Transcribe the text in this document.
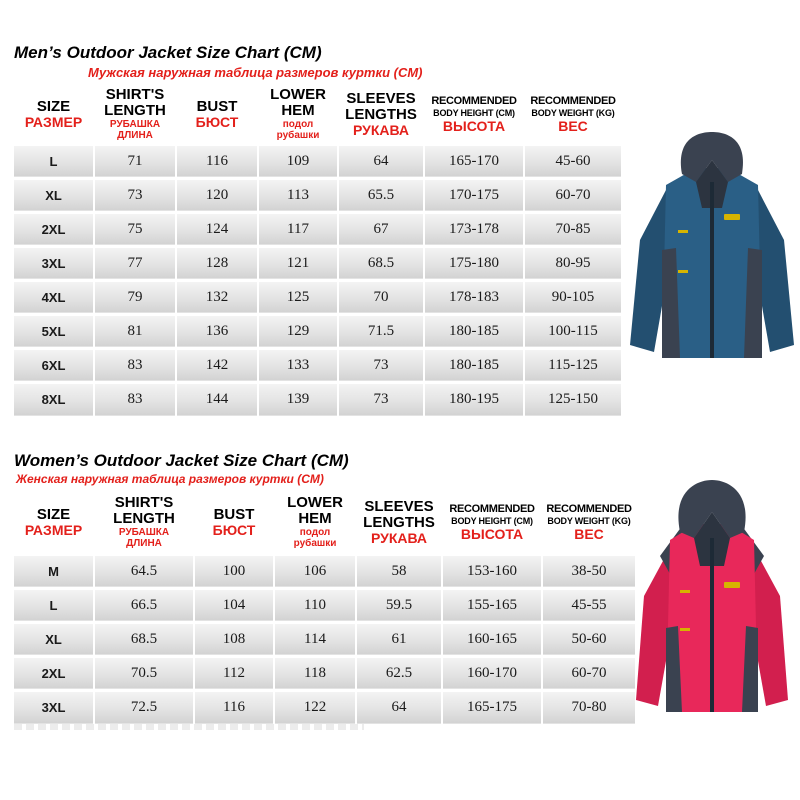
Men’s Outdoor Jacket Size Chart (CM)
Мужская наружная таблица размеров куртки (CM)
SIZE
РАЗМЕР	SHIRT'S
LENGTH
РУБАШКА
ДЛИНА	BUST
БЮСТ	LOWER
HEM
подол
рубашки	SLEEVES
LENGTHS
РУКАВА	RECOMMENDED
BODY HEIGHT (CM)
ВЫСОТА	RECOMMENDED
BODY WEIGHT (KG)
ВЕС

L	71	116	109	64	165-170	45-60
XL	73	120	113	65.5	170-175	60-70
2XL	75	124	117	67	173-178	70-85
3XL	77	128	121	68.5	175-180	80-95
4XL	79	132	125	70	178-183	90-105
5XL	81	136	129	71.5	180-185	100-115
6XL	83	142	133	73	180-185	115-125
8XL	83	144	139	73	180-195	125-150
Women’s Outdoor Jacket Size Chart (CM)
Женская наружная таблица размеров куртки (CM)
SIZE
РАЗМЕР	SHIRT'S
LENGTH
РУБАШКА
ДЛИНА	BUST
БЮСТ	LOWER
HEM
подол
рубашки	SLEEVES
LENGTHS
РУКАВА	RECOMMENDED
BODY HEIGHT (CM)
ВЫСОТА	RECOMMENDED
BODY WEIGHT (KG)
ВЕС

M	64.5	100	106	58	153-160	38-50
L	66.5	104	110	59.5	155-165	45-55
XL	68.5	108	114	61	160-165	50-60
2XL	70.5	112	118	62.5	160-170	60-70
3XL	72.5	116	122	64	165-175	70-80
